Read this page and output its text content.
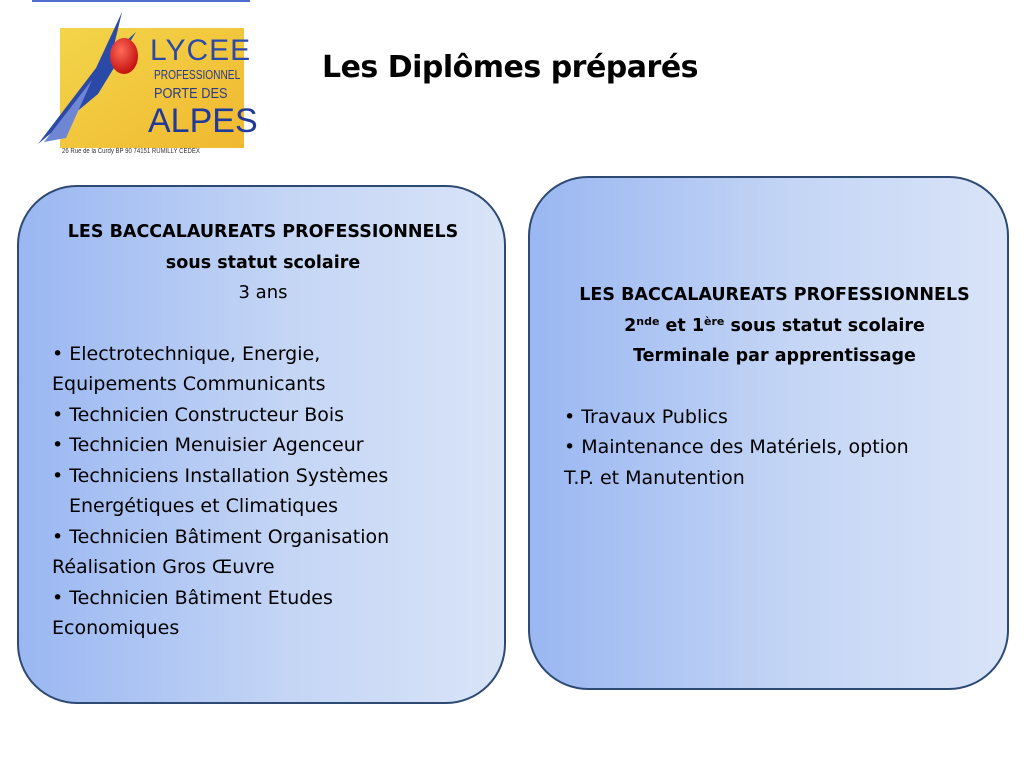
LYCEE
PROFESSIONNEL
PORTE DES
ALPES
26 Rue de la Curdy BP 90 74151 RUMILLY CEDEX
Les Diplômes préparés
LES BACCALAUREATS PROFESSIONNELS
sous statut scolaire
3 ans
• Electrotechnique, Energie,
Equipements Communicants
• Technicien Constructeur Bois
• Technicien Menuisier Agenceur
• Techniciens Installation Systèmes
Energétiques et Climatiques
• Technicien Bâtiment Organisation
Réalisation Gros Œuvre
• Technicien Bâtiment Etudes
Economiques
LES BACCALAUREATS PROFESSIONNELS
2nde et 1ère sous statut scolaire
Terminale par apprentissage
• Travaux Publics
• Maintenance des Matériels, option
T.P. et Manutention
